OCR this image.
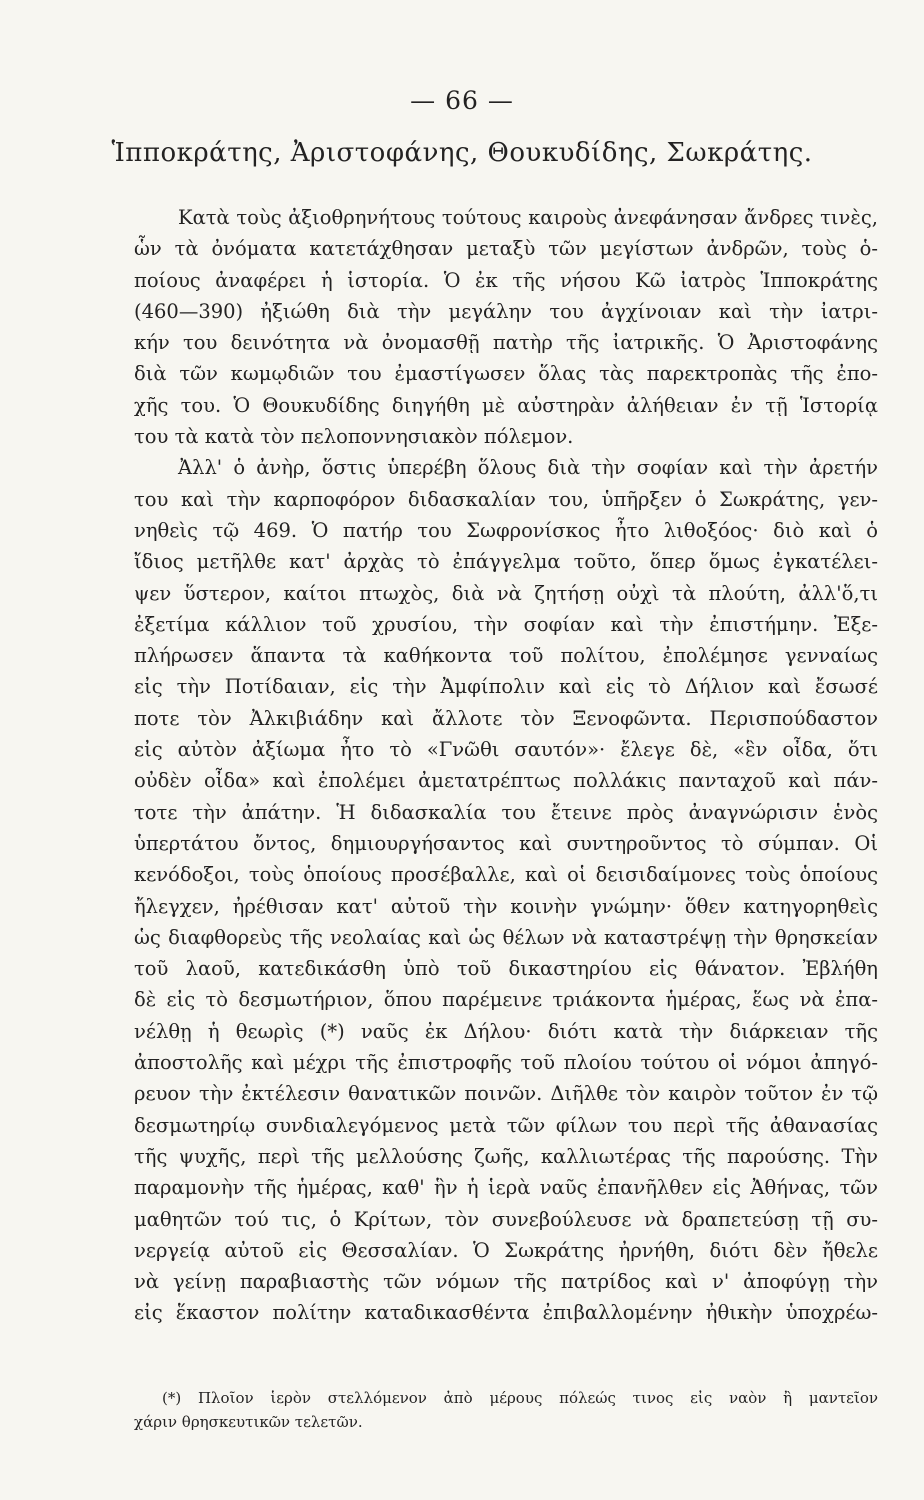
— 66 —
Ἱπποκράτης, Ἀριστοφάνης, Θουκυδίδης, Σωκράτης.
Κατὰ τοὺς ἀξιοθρηνήτους τούτους καιροὺς ἀνεφάνησαν ἄνδρες τινὲς,
ὧν τὰ ὀνόματα κατετάχθησαν μεταξὺ τῶν μεγίστων ἀνδρῶν, τοὺς ὁ-
ποίους ἀναφέρει ἡ ἱστορία. Ὁ ἐκ τῆς νήσου Κῶ ἰατρὸς Ἱπποκράτης
(460—390) ἠξιώθη διὰ τὴν μεγάλην του ἀγχίνοιαν καὶ τὴν ἰατρι-
κήν του δεινότητα νὰ ὀνομασθῇ πατὴρ τῆς ἰατρικῆς. Ὁ Ἀριστοφάνης
διὰ τῶν κωμῳδιῶν του ἐμαστίγωσεν ὅλας τὰς παρεκτροπὰς τῆς ἐπο-
χῆς του. Ὁ Θουκυδίδης διηγήθη μὲ αὐστηρὰν ἀλήθειαν ἐν τῇ Ἱστορίᾳ
του τὰ κατὰ τὸν πελοποννησιακὸν πόλεμον.
Ἀλλ' ὁ ἀνὴρ, ὅστις ὑπερέβη ὅλους διὰ τὴν σοφίαν καὶ τὴν ἀρετήν
του καὶ τὴν καρποφόρον διδασκαλίαν του, ὑπῆρξεν ὁ Σωκράτης, γεν-
νηθεὶς τῷ 469. Ὁ πατήρ του Σωφρονίσκος ἦτο λιθοξόος· διὸ καὶ ὁ
ἴδιος μετῆλθε κατ' ἀρχὰς τὸ ἐπάγγελμα τοῦτο, ὅπερ ὅμως ἐγκατέλει-
ψεν ὕστερον, καίτοι πτωχὸς, διὰ νὰ ζητήσῃ οὐχὶ τὰ πλούτη, ἀλλ'ὅ,τι
ἐξετίμα κάλλιον τοῦ χρυσίου, τὴν σοφίαν καὶ τὴν ἐπιστήμην. Ἐξε-
πλήρωσεν ἅπαντα τὰ καθήκοντα τοῦ πολίτου, ἐπολέμησε γενναίως
εἰς τὴν Ποτίδαιαν, εἰς τὴν Ἀμφίπολιν καὶ εἰς τὸ Δήλιον καὶ ἔσωσέ
ποτε τὸν Ἀλκιβιάδην καὶ ἄλλοτε τὸν Ξενοφῶντα. Περισπούδαστον
εἰς αὐτὸν ἀξίωμα ἦτο τὸ «Γνῶθι σαυτόν»· ἔλεγε δὲ, «ἓν οἶδα, ὅτι
οὐδὲν οἶδα» καὶ ἐπολέμει ἀμετατρέπτως πολλάκις πανταχοῦ καὶ πάν-
τοτε τὴν ἀπάτην. Ἡ διδασκαλία του ἔτεινε πρὸς ἀναγνώρισιν ἑνὸς
ὑπερτάτου ὄντος, δημιουργήσαντος καὶ συντηροῦντος τὸ σύμπαν. Οἱ
κενόδοξοι, τοὺς ὁποίους προσέβαλλε, καὶ οἱ δεισιδαίμονες τοὺς ὁποίους
ἤλεγχεν, ἠρέθισαν κατ' αὐτοῦ τὴν κοινὴν γνώμην· ὅθεν κατηγορηθεὶς
ὡς διαφθορεὺς τῆς νεολαίας καὶ ὡς θέλων νὰ καταστρέψῃ τὴν θρησκείαν
τοῦ λαοῦ, κατεδικάσθη ὑπὸ τοῦ δικαστηρίου εἰς θάνατον. Ἐβλήθη
δὲ εἰς τὸ δεσμωτήριον, ὅπου παρέμεινε τριάκοντα ἡμέρας, ἕως νὰ ἐπα-
νέλθῃ ἡ θεωρὶς (*) ναῦς ἐκ Δήλου· διότι κατὰ τὴν διάρκειαν τῆς
ἀποστολῆς καὶ μέχρι τῆς ἐπιστροφῆς τοῦ πλοίου τούτου οἱ νόμοι ἀπηγό-
ρευον τὴν ἐκτέλεσιν θανατικῶν ποινῶν. Διῆλθε τὸν καιρὸν τοῦτον ἐν τῷ
δεσμωτηρίῳ συνδιαλεγόμενος μετὰ τῶν φίλων του περὶ τῆς ἀθανασίας
τῆς ψυχῆς, περὶ τῆς μελλούσης ζωῆς, καλλιωτέρας τῆς παρούσης. Τὴν
παραμονὴν τῆς ἡμέρας, καθ' ἣν ἡ ἱερὰ ναῦς ἐπανῆλθεν εἰς Ἀθήνας, τῶν
μαθητῶν τού τις, ὁ Κρίτων, τὸν συνεβούλευσε νὰ δραπετεύσῃ τῇ συ-
νεργείᾳ αὐτοῦ εἰς Θεσσαλίαν. Ὁ Σωκράτης ἠρνήθη, διότι δὲν ἤθελε
νὰ γείνῃ παραβιαστὴς τῶν νόμων τῆς πατρίδος καὶ ν' ἀποφύγῃ τὴν
εἰς ἕκαστον πολίτην καταδικασθέντα ἐπιβαλλομένην ἠθικὴν ὑποχρέω-
(*) Πλοῖον ἱερὸν στελλόμενον ἀπὸ μέρους πόλεώς τινος εἰς ναὸν ἢ μαντεῖον
χάριν θρησκευτικῶν τελετῶν.
